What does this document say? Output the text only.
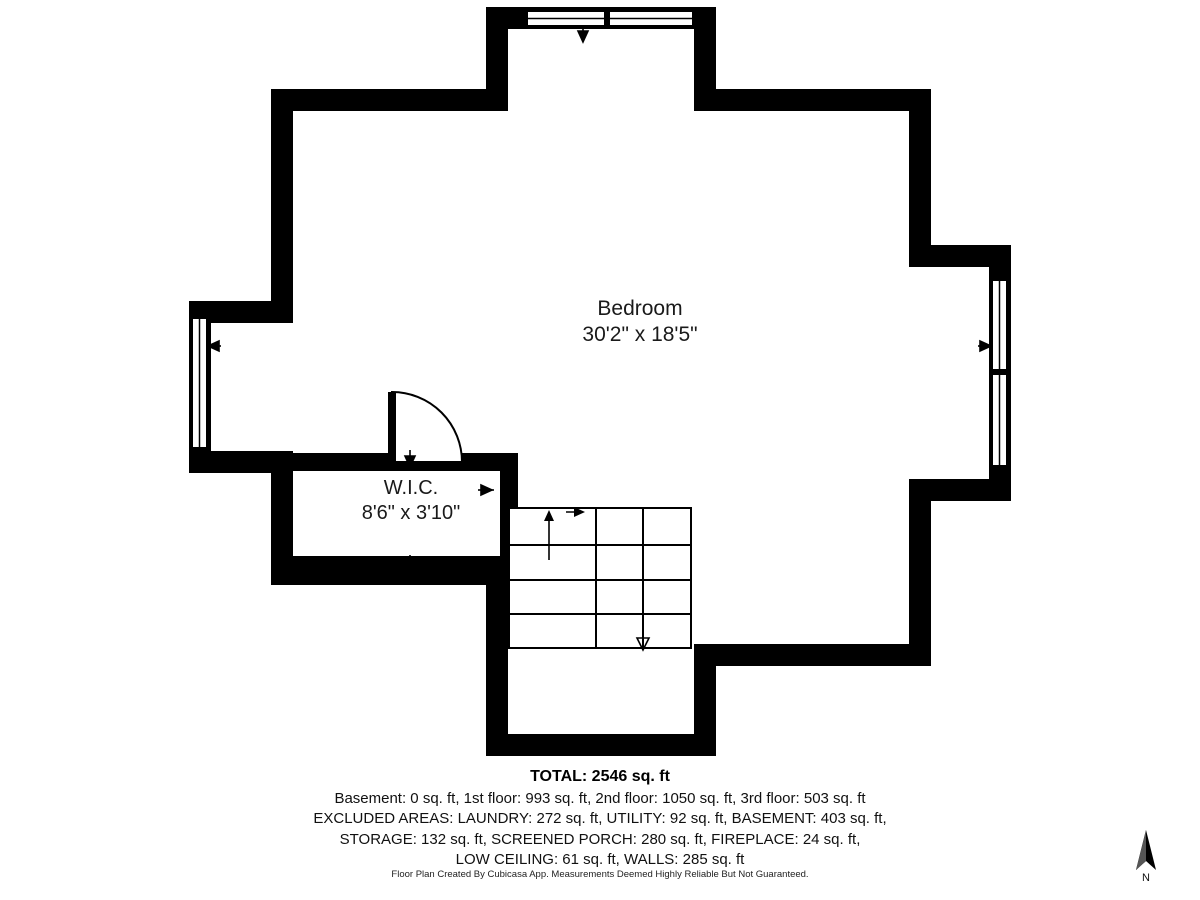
Bedroom
30'2" x 18'5"
W.I.C.
8'6" x 3'10"
TOTAL: 2546 sq. ft
Basement: 0 sq. ft, 1st floor: 993 sq. ft, 2nd floor: 1050 sq. ft, 3rd floor: 503 sq. ft
EXCLUDED AREAS: LAUNDRY: 272 sq. ft, UTILITY: 92 sq. ft, BASEMENT: 403 sq. ft,
STORAGE: 132 sq. ft, SCREENED PORCH: 280 sq. ft, FIREPLACE: 24 sq. ft,
LOW CEILING: 61 sq. ft, WALLS: 285 sq. ft
Floor Plan Created By Cubicasa App. Measurements Deemed Highly Reliable But Not Guaranteed.	N
